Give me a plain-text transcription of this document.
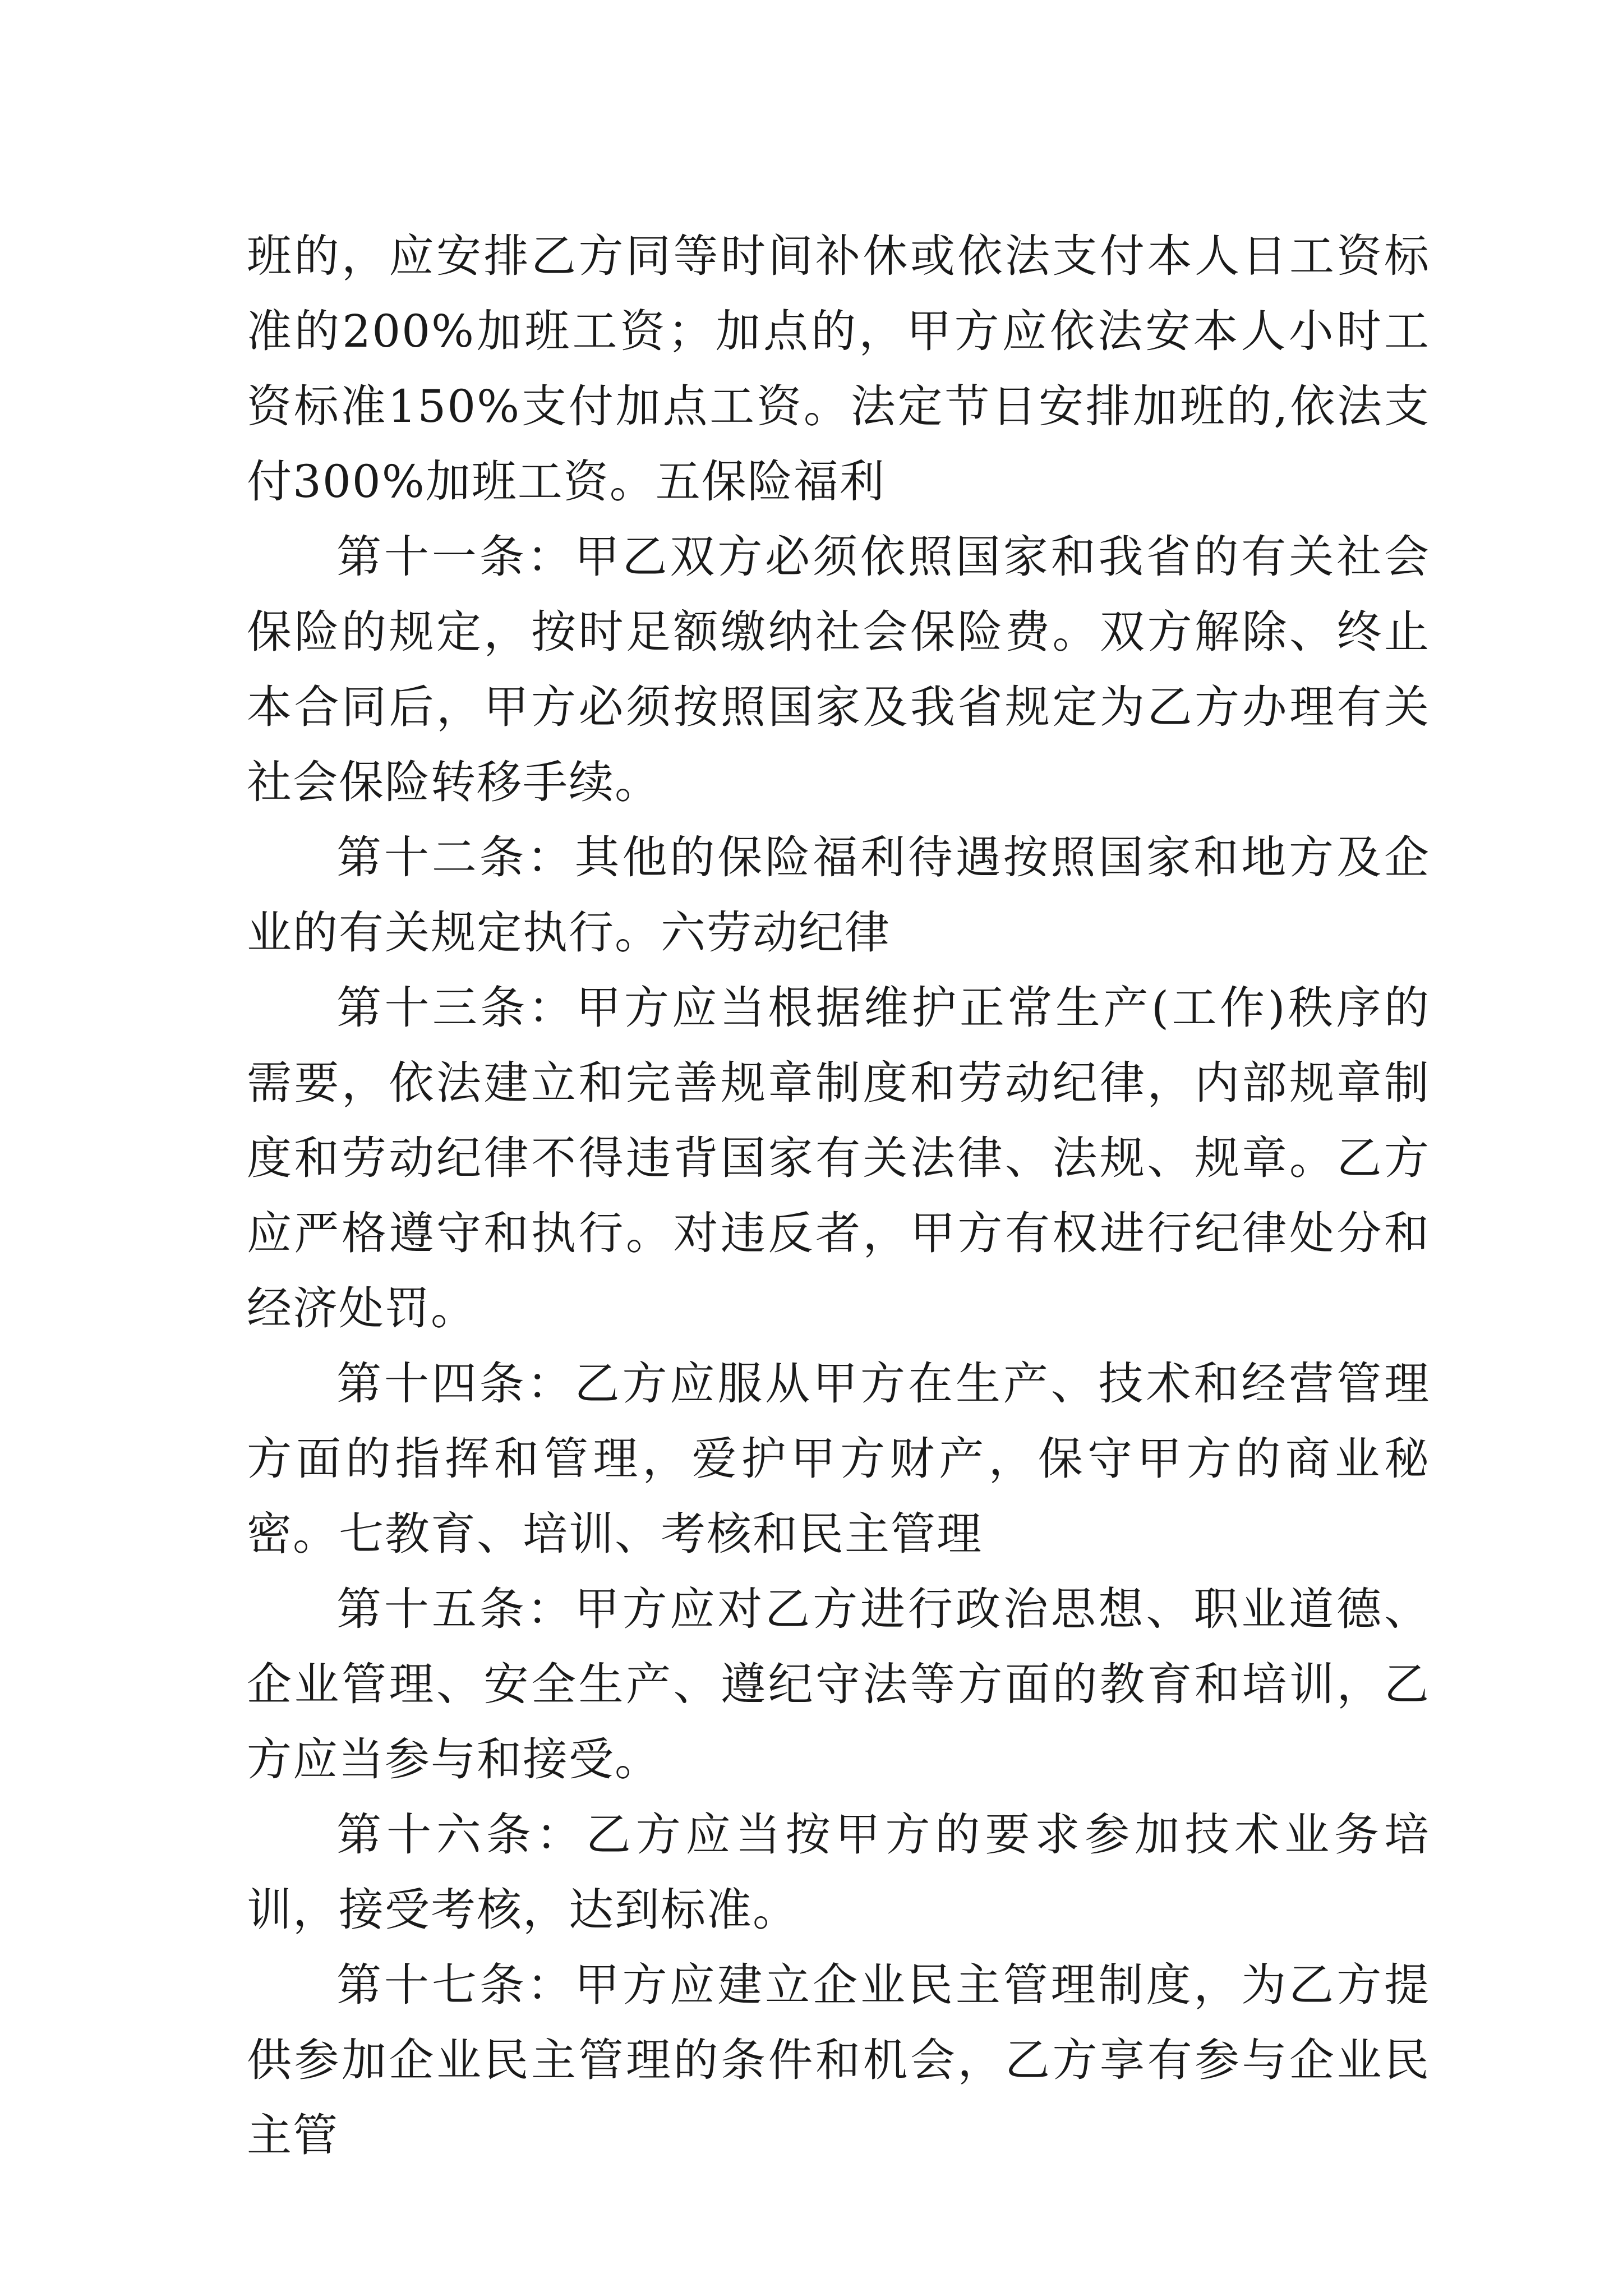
班的，应安排乙方同等时间补休或依法支付本人日工资标准的200%加班工资；加点的，甲方应依法安本人小时工资标准150%支付加点工资。法定节日安排加班的,依法支付300%加班工资。五保险福利

第十一条：甲乙双方必须依照国家和我省的有关社会保险的规定，按时足额缴纳社会保险费。双方解除、终止本合同后，甲方必须按照国家及我省规定为乙方办理有关社会保险转移手续。

第十二条：其他的保险福利待遇按照国家和地方及企业的有关规定执行。六劳动纪律

第十三条：甲方应当根据维护正常生产(工作)秩序的需要，依法建立和完善规章制度和劳动纪律，内部规章制度和劳动纪律不得违背国家有关法律、法规、规章。乙方应严格遵守和执行。对违反者，甲方有权进行纪律处分和经济处罚。

第十四条：乙方应服从甲方在生产、技术和经营管理方面的指挥和管理，爱护甲方财产，保守甲方的商业秘密。七教育、培训、考核和民主管理

第十五条：甲方应对乙方进行政治思想、职业道德、企业管理、安全生产、遵纪守法等方面的教育和培训，乙方应当参与和接受。

第十六条：乙方应当按甲方的要求参加技术业务培训，接受考核，达到标准。

第十七条：甲方应建立企业民主管理制度，为乙方提供参加企业民主管理的条件和机会，乙方享有参与企业民主管
